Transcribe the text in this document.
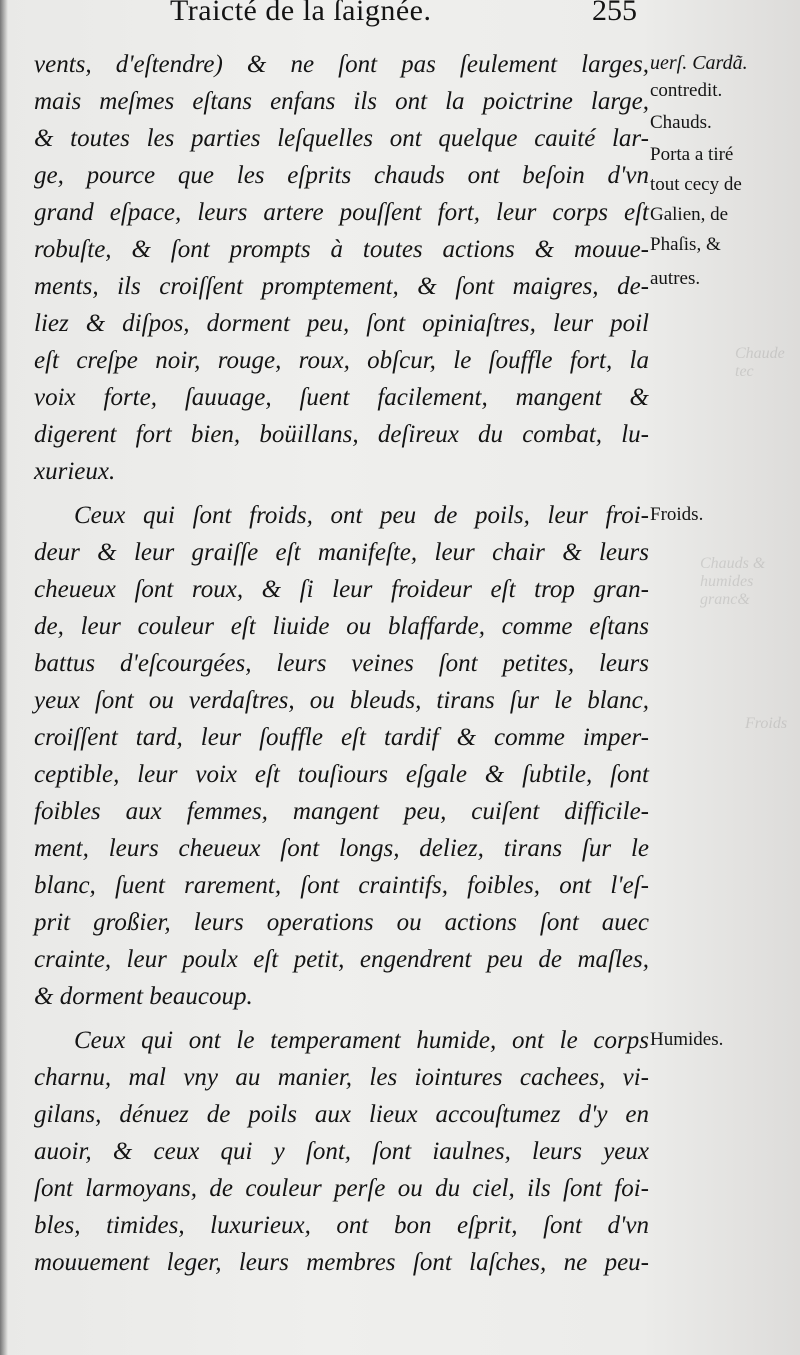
Chaude
tec
Chauds &
humides
granc&
Froids
Traicté de la ſaignée.	255
vents, d'eſtendre) & ne ſont pas ſeulement larges,
mais meſmes eſtans enfans ils ont la poictrine large,
& toutes les parties leſquelles ont quelque cauité lar-
ge, pource que les eſprits chauds ont beſoin d'vn
grand eſpace, leurs artere pouſſent fort, leur corps eſt
robuſte, & ſont prompts à toutes actions & mouue-
ments, ils croiſſent promptement, & ſont maigres, de-
liez & diſpos, dorment peu, ſont opiniaſtres, leur poil
eſt creſpe noir, rouge, roux, obſcur, le ſouffle fort, la
voix forte, ſauuage, ſuent facilement, mangent &
digerent fort bien, boüillans, deſireux du combat, lu-
xurieux.
Ceux qui ſont froids, ont peu de poils, leur froi-
deur & leur graiſſe eſt manifeſte, leur chair & leurs
cheueux ſont roux, & ſi leur froideur eſt trop gran-
de, leur couleur eſt liuide ou blaffarde, comme eſtans
battus d'eſcourgées, leurs veines ſont petites, leurs
yeux ſont ou verdaſtres, ou bleuds, tirans ſur le blanc,
croiſſent tard, leur ſouffle eſt tardif & comme imper-
ceptible, leur voix eſt touſiours eſgale & ſubtile, ſont
foibles aux femmes, mangent peu, cuiſent difficile-
ment, leurs cheueux ſont longs, deliez, tirans ſur le
blanc, ſuent rarement, ſont craintifs, foibles, ont l'eſ-
prit großier, leurs operations ou actions ſont auec
crainte, leur poulx eſt petit, engendrent peu de maſles,
& dorment beaucoup.
Ceux qui ont le temperament humide, ont le corps
charnu, mal vny au manier, les iointures cachees, vi-
gilans, dénuez de poils aux lieux accouſtumez d'y en
auoir, & ceux qui y ſont, ſont iaulnes, leurs yeux
ſont larmoyans, de couleur perſe ou du ciel, ils ſont foi-
bles, timides, luxurieux, ont bon eſprit, ſont d'vn
mouuement leger, leurs membres ſont laſches, ne peu-
uerſ. Cardã.
contredit.
Chauds.
Porta a tiré
tout cecy de
Galien, de
Phaſis, &
autres.
Froids.
Humides.
